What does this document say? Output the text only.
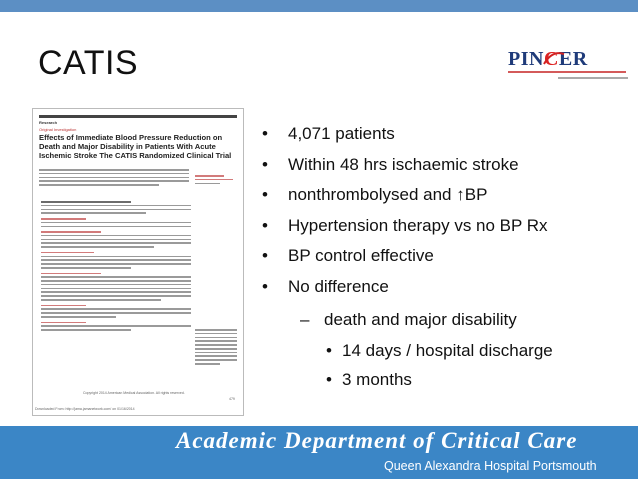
CATIS	PINCER
Research
Original Investigation
Effects of Immediate Blood Pressure Reduction on Death and Major Disability in Patients With Acute Ischemic Stroke The CATIS Randomized Clinical Trial
Copyright 2014 American Medical Association. All rights reserved.
479
Downloaded From: http://jama.jamanetwork.com/ on 01/16/2014
• 4,071 patients
• Within 48 hrs ischaemic stroke
• nonthrombolysed and ↑BP
• Hypertension therapy vs no BP Rx
• BP control effective
• No difference
– death and major disability
• 14 days / hospital discharge
• 3 months
Academic Department of Critical Care
Queen Alexandra Hospital Portsmouth
